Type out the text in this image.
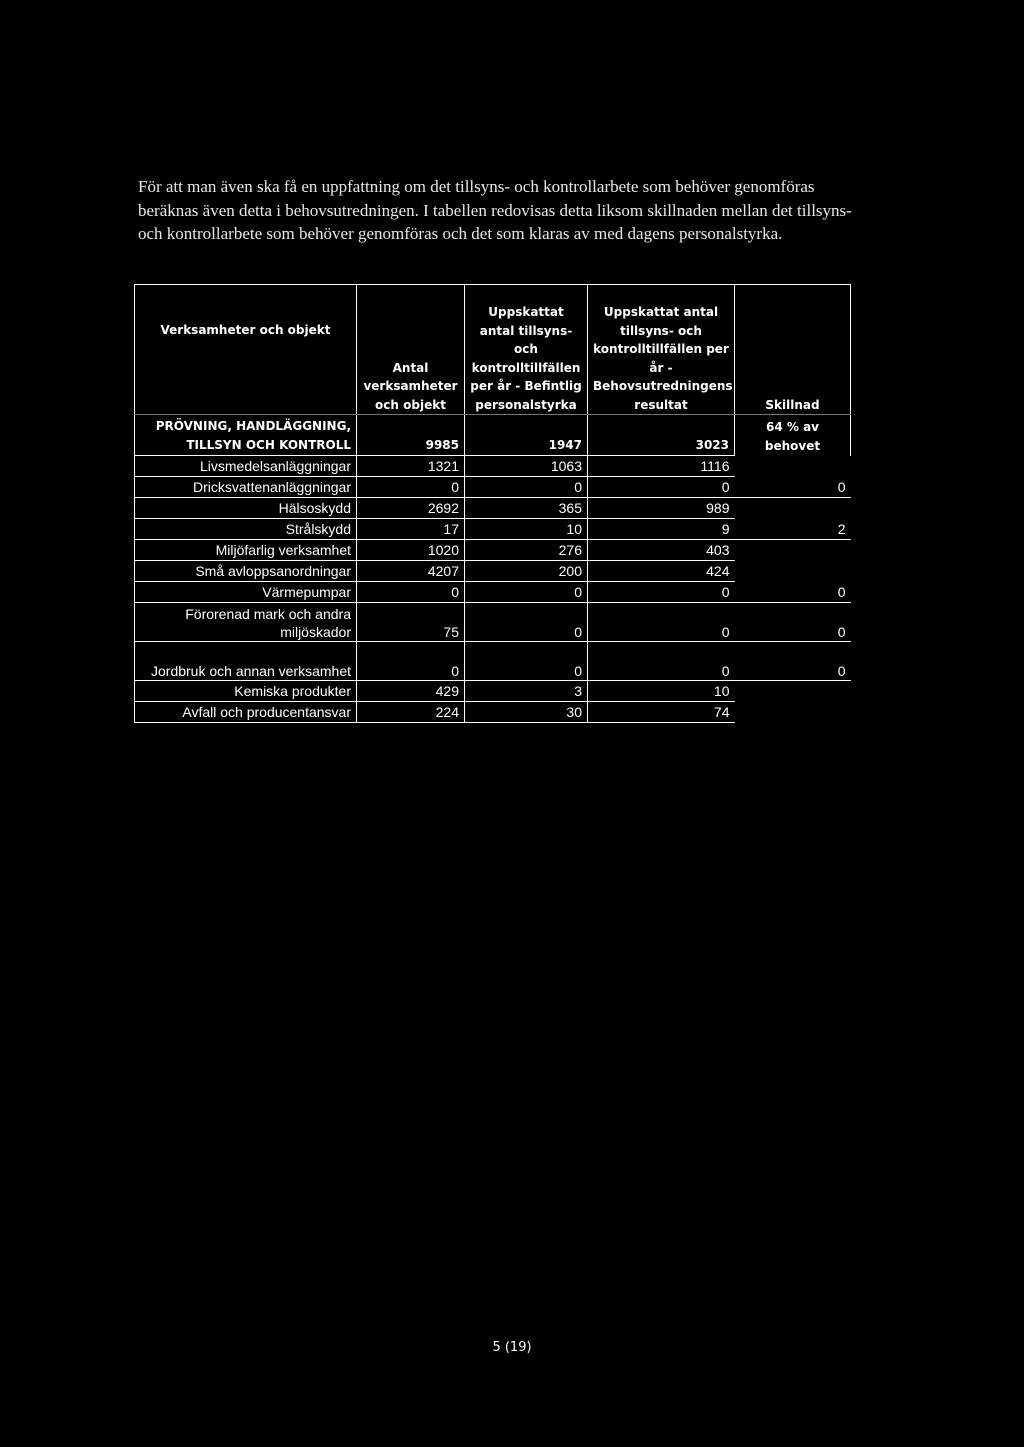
För att man även ska få en uppfattning om det tillsyns- och kontrollarbete som behöver genomföras beräknas även detta i behovsutredningen. I tabellen redovisas detta liksom skillnaden mellan det tillsyns- och kontrollarbete som behöver genomföras och det som klaras av med dagens personalstyrka.

Verksamheter och objekt	Antal verksamheter och objekt	Uppskattat antal tillsyns- och kontrolltillfällen per år - Befintlig personalstyrka	Uppskattat antal tillsyns- och kontrolltillfällen per år - Behovsutredningens resultat	Skillnad
PRÖVNING, HANDLÄGGNING, TILLSYN OCH KONTROLL	9985	1947	3023	64 % av behovet
Livsmedelsanläggningar	1321	1063	1116	
Dricksvattenanläggningar	0	0	0	0
Hälsoskydd	2692	365	989	
Strålskydd	17	10	9	2
Miljöfarlig verksamhet	1020	276	403	
Små avloppsanordningar	4207	200	424	
Värmepumpar	0	0	0	0
Förorenad mark och andra miljöskador	75	0	0	0
Jordbruk och annan verksamhet	0	0	0	0
Kemiska produkter	429	3	10	
Avfall och producentansvar	224	30	74	
5 (19)
